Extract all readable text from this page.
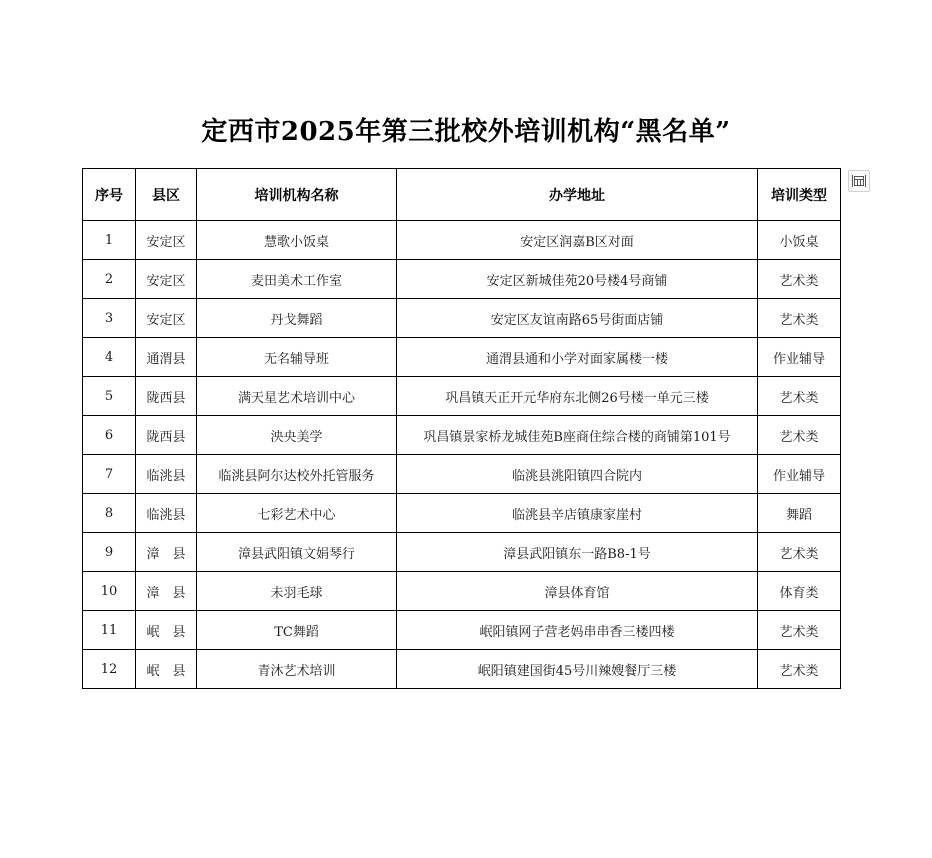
定西市2025年第三批校外培训机构“黑名单”
序号	县区	培训机构名称	办学地址	培训类型
1	安定区	慧歌小饭桌	安定区润嘉B区对面	小饭桌
2	安定区	麦田美术工作室	安定区新城佳苑20号楼4号商铺	艺术类
3	安定区	丹戈舞蹈	安定区友谊南路65号街面店铺	艺术类
4	通渭县	无名辅导班	通渭县通和小学对面家属楼一楼	作业辅导
5	陇西县	满天星艺术培训中心	巩昌镇天正开元华府东北侧26号楼一单元三楼	艺术类
6	陇西县	泱央美学	巩昌镇景家桥龙城佳苑B座商住综合楼的商铺第101号	艺术类
7	临洮县	临洮县阿尔达校外托管服务	临洮县洮阳镇四合院内	作业辅导
8	临洮县	七彩艺术中心	临洮县辛店镇康家崖村	舞蹈
9	漳　县	漳县武阳镇文娟琴行	漳县武阳镇东一路B8-1号	艺术类
10	漳　县	未羽毛球	漳县体育馆	体育类
11	岷　县	TC舞蹈	岷阳镇网子营老妈串串香三楼四楼	艺术类
12	岷　县	青沐艺术培训	岷阳镇建国街45号川辣嫂餐厅三楼	艺术类
